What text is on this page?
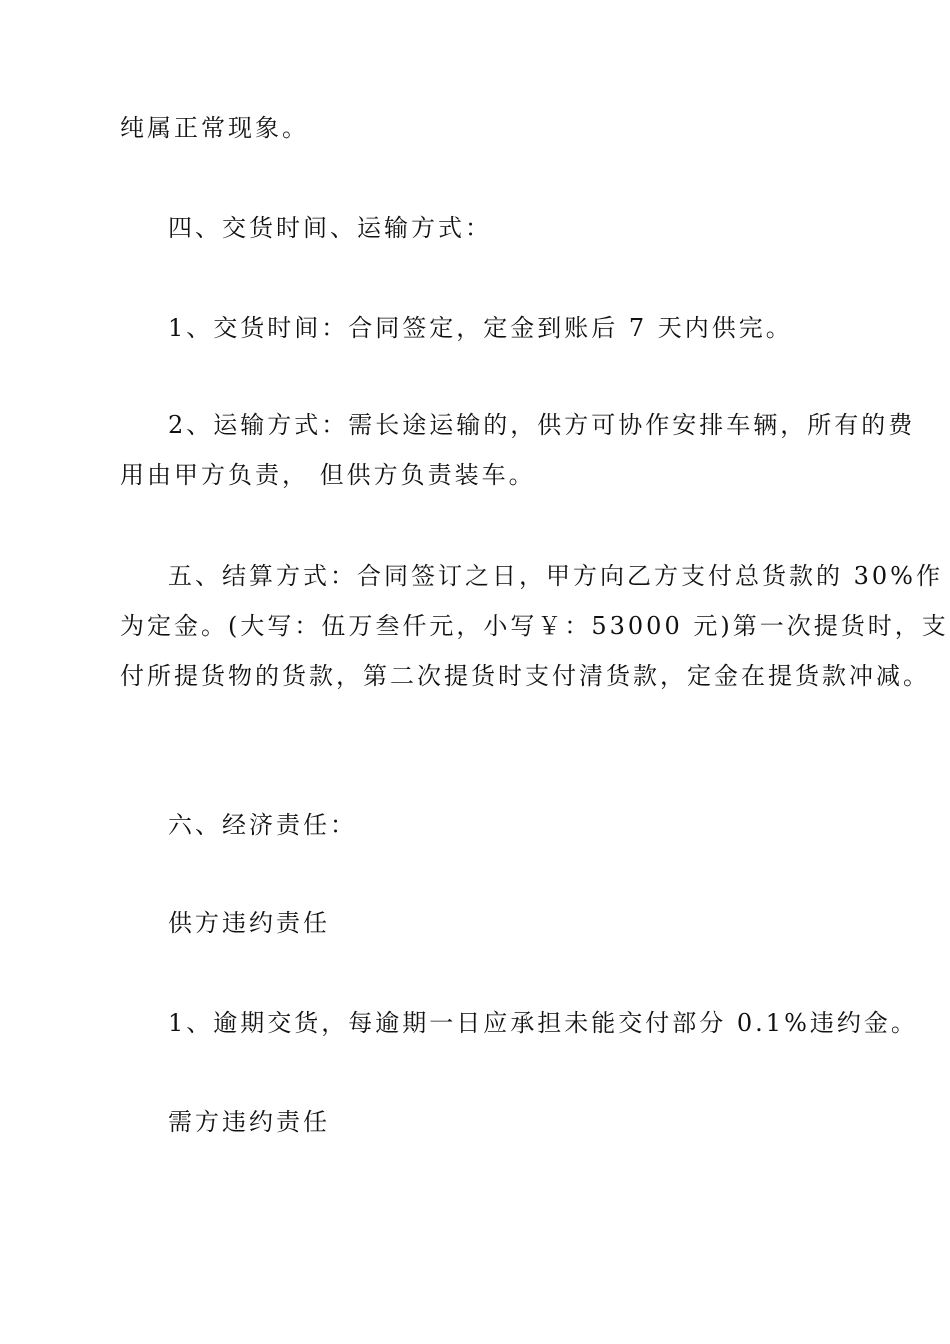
纯属正常现象。
四、交货时间、运输方式：
1、交货时间：合同签定，定金到账后 7 天内供完。
2、运输方式：需长途运输的，供方可协作安排车辆，所有的费
用由甲方负责， 但供方负责装车。
五、结算方式：合同签订之日，甲方向乙方支付总货款的 30%作
为定金。(大写：伍万叁仟元，小写￥：53000 元)第一次提货时，支
付所提货物的货款，第二次提货时支付清货款，定金在提货款冲减。
六、经济责任：
供方违约责任
1、逾期交货，每逾期一日应承担未能交付部分 0.1%违约金。
需方违约责任
